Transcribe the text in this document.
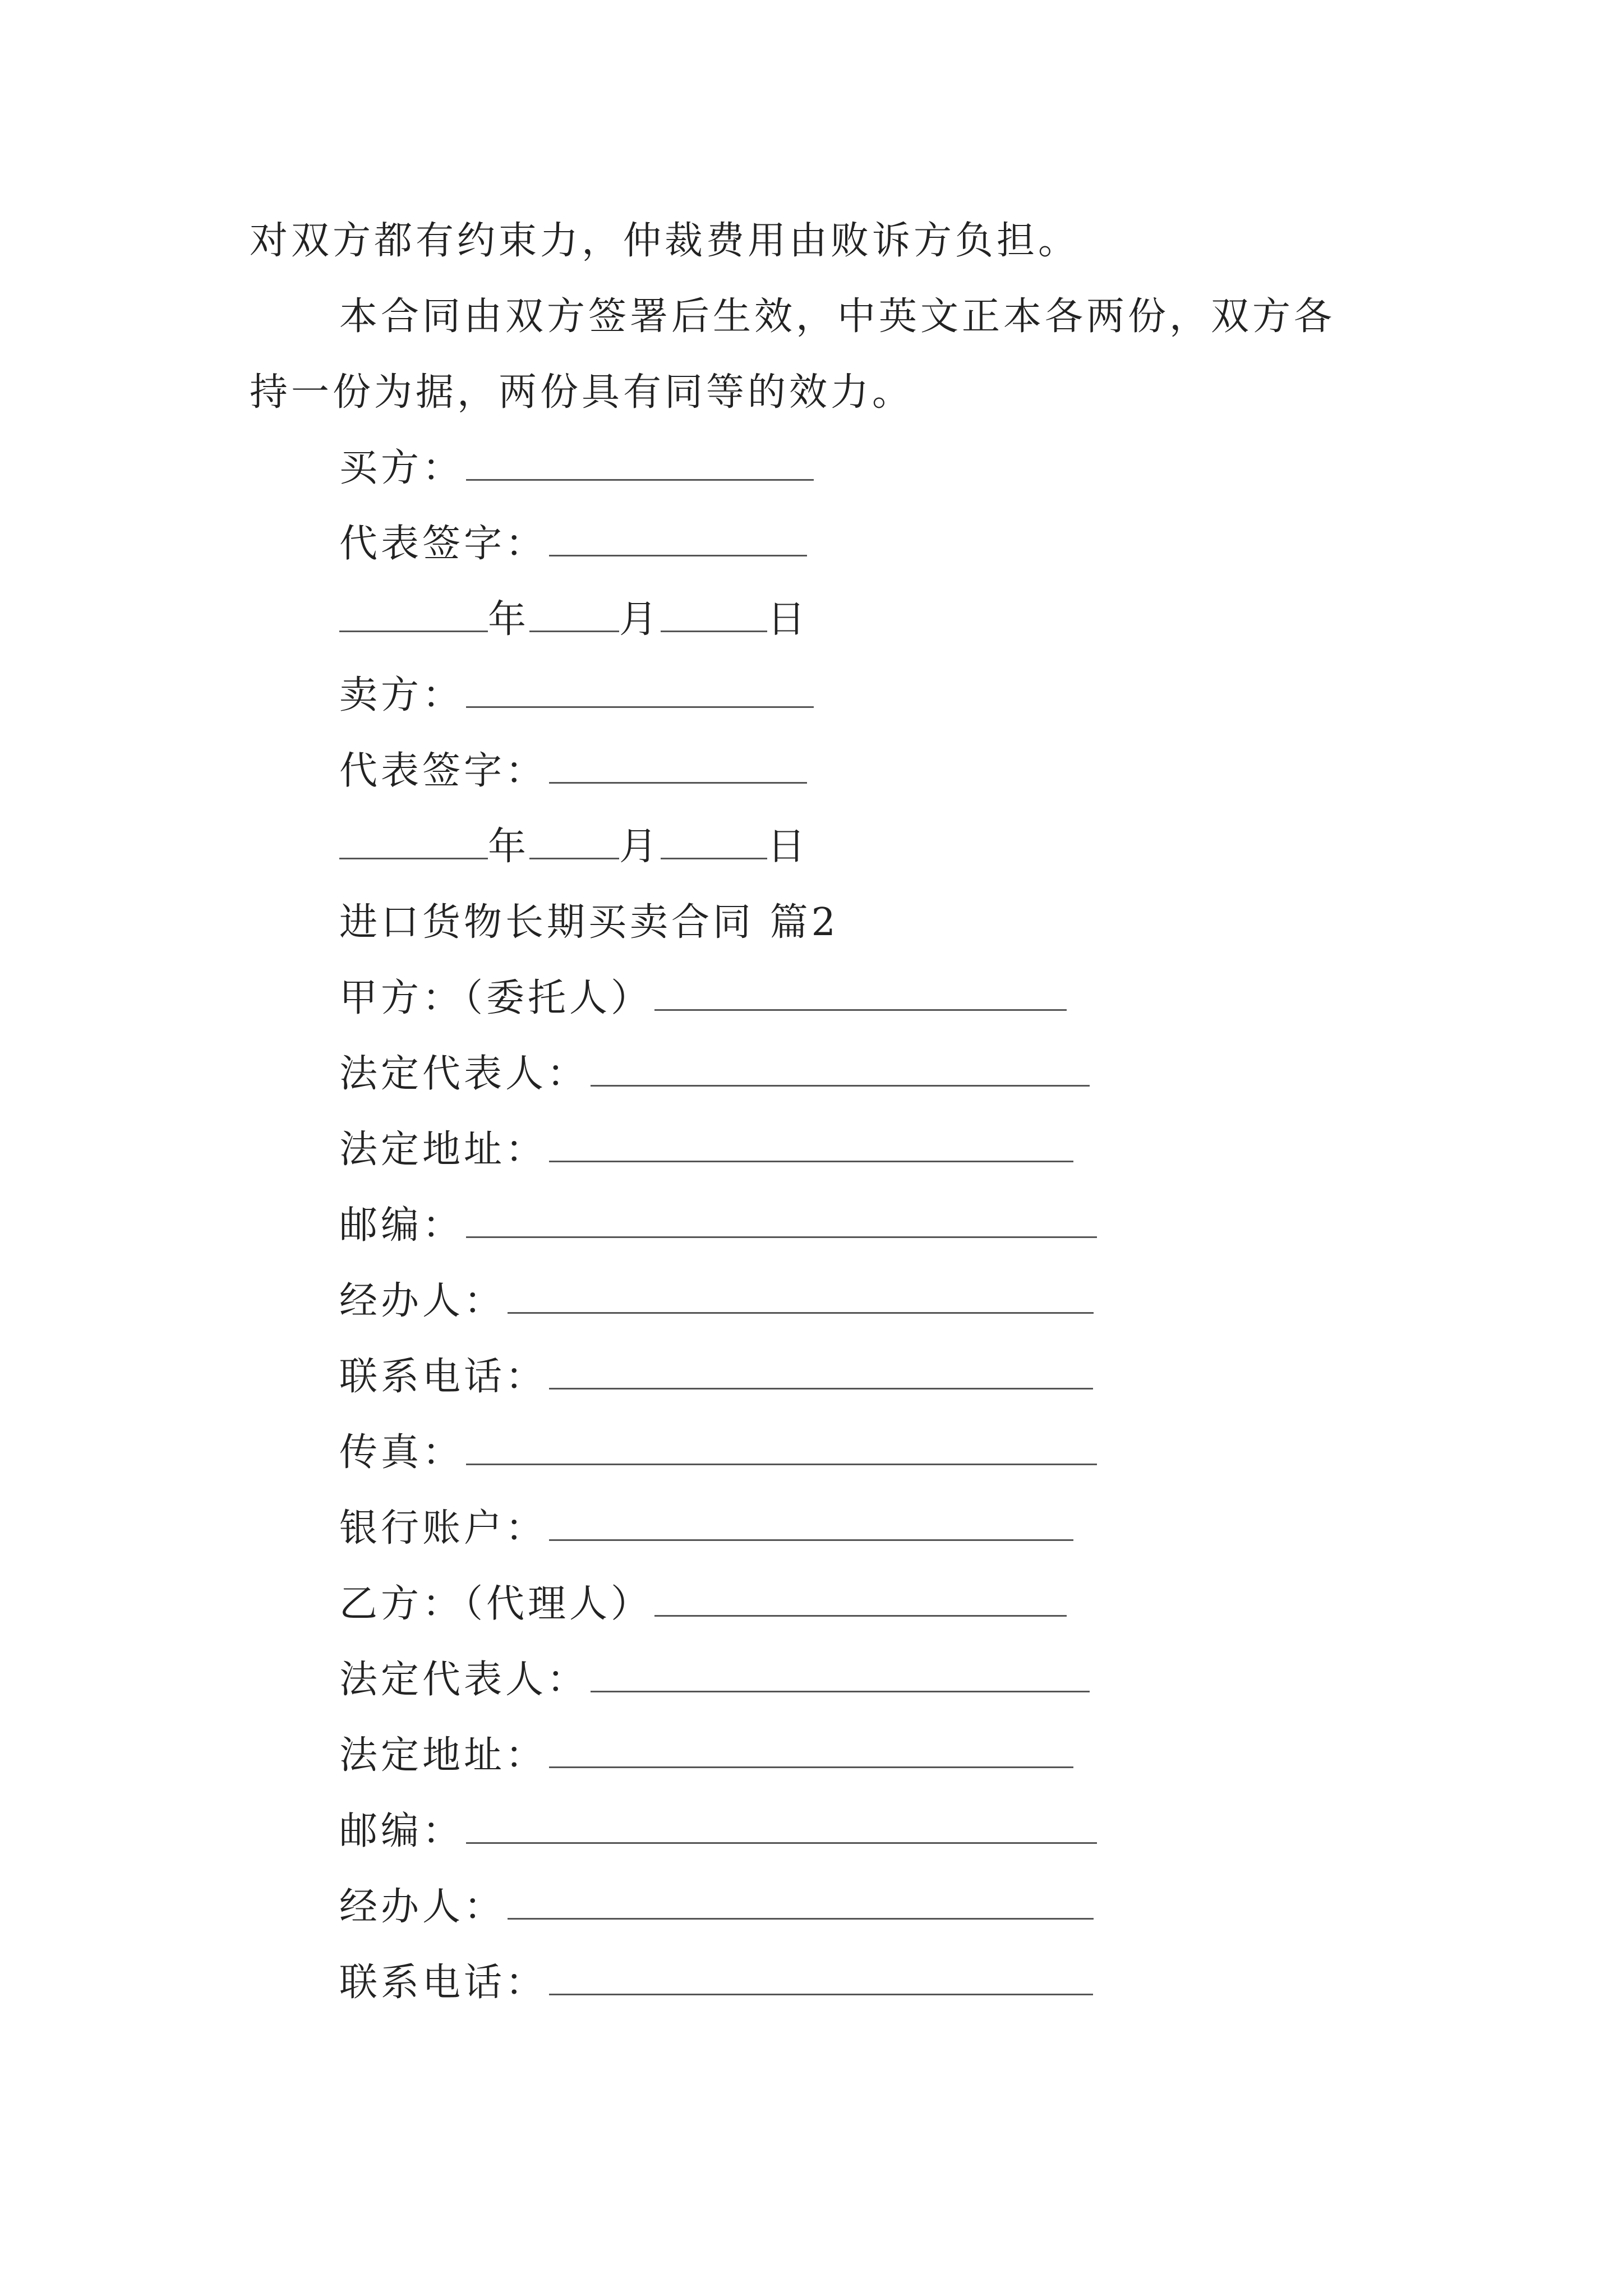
对双方都有约束力，仲裁费用由败诉方负担。
本合同由双方签署后生效，中英文正本各两份，双方各
持一份为据，两份具有同等的效力。
买方：
代表签字：
年 月	日
卖方：
代表签字：
年 月	日
进口货物长期买卖合同 篇2
甲方：（委托人）
法定代表人：
法定地址：
邮编：
经办人：
联系电话：
传真：
银行账户：
乙方：（代理人）
法定代表人：
法定地址：
邮编：
经办人：
联系电话：
